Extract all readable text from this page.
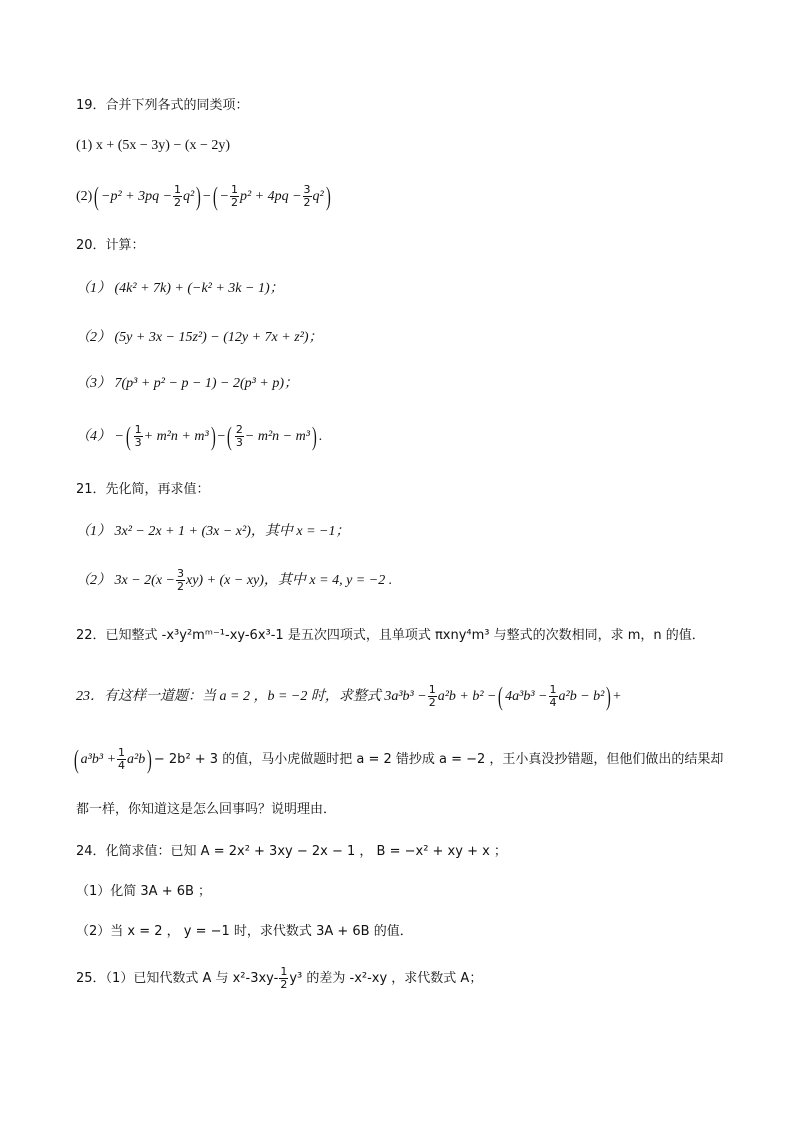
19．合并下列各式的同类项：
(1) x + (5x − 3y) − (x − 2y)
$(2)( -p^2 + 3pq - \frac{1}{2} q^2)$ −( − $\frac{1}{2} p^2 + 4pq - \frac{3}{2} q^2$)
20．计算：
（1） (4k² + 7k) + (−k² + 3k − 1)；
（2） (5y + 3x − 15z²) − (12y + 7x + z²)；
（3） 7(p³ + p² − p − 1) − 2(p³ + p)；
（4） −( $\frac{1}{3} + m^2n + m^3$) −( $\frac{2}{3} - m^2n - m^3$) .
21．先化简，再求值：
（1） 3x² − 2x + 1 + (3x − x²)，其中 x = −1；
（2） $3x - 2(x - \frac{3}{2} xy) + (x - xy)$，其中 x = 4, y = −2 .
22．已知整式 -x³y²mᵐ⁻¹-xy-6x³-1 是五次四项式，且单项式 πxny⁴m³ 与整式的次数相同，求 m，n 的值．
23．有这样一道题：当 a = 2 ，b = −2 时，求整式 $3a^3b^3 - \frac{1}{2} a^2b + b^2$ −( $4a^3b^3 - \frac{1}{4} a^2b - b^2$) +
( $a^3b^3 + \frac{1}{4} a^2b) - 2b^2 + 3$ 的值，马小虎做题时把 a = 2 错抄成 a = −2 ，王小真没抄错题，但他们做出的结果却
都一样，你知道这是怎么回事吗？说明理由．
24．化简求值：已知 A = 2x² + 3xy − 2x − 1 ， B = −x² + xy + x ；
（1）化简 3A + 6B ；
（2）当 x = 2 ， y = −1 时，求代数式 3A + 6B 的值．
25．（1）已知代数式 A 与 $x^2-3xy- \frac{1}{2} y^3$ 的差为 -x²-xy ，求代数式 A；
